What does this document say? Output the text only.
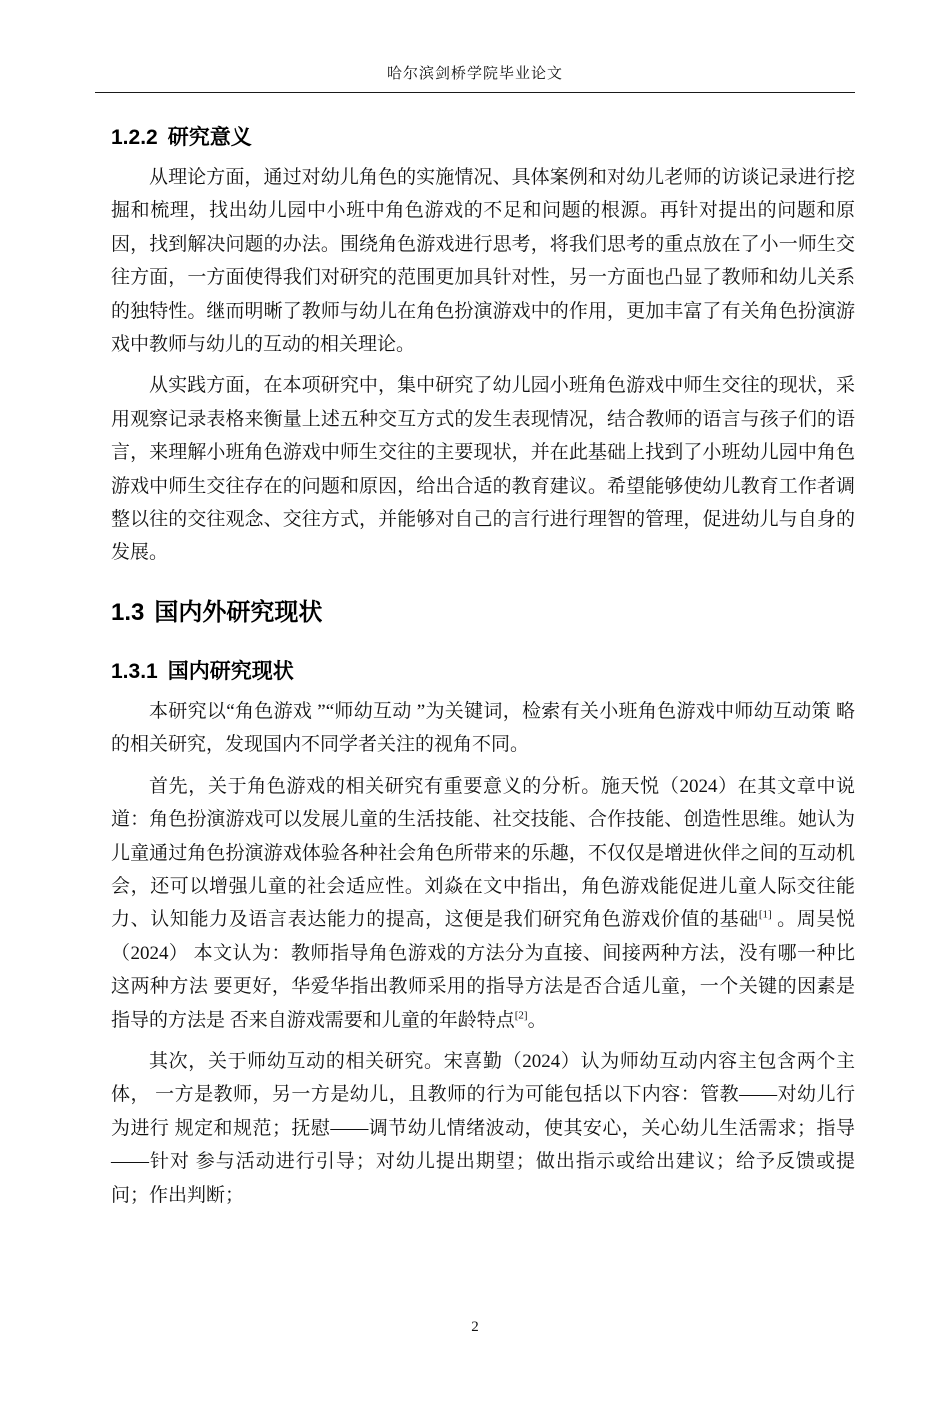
哈尔滨剑桥学院毕业论文
1.2.2 研究意义

从理论方面，通过对幼儿角色的实施情况、具体案例和对幼儿老师的访谈记录进行挖掘和梳理，找出幼儿园中小班中角色游戏的不足和问题的根源。再针对提出的问题和原因，找到解决问题的办法。围绕角色游戏进行思考，将我们思考的重点放在了小一师生交往方面，一方面使得我们对研究的范围更加具针对性，另一方面也凸显了教师和幼儿关系的独特性。继而明晰了教师与幼儿在角色扮演游戏中的作用，更加丰富了有关角色扮演游戏中教师与幼儿的互动的相关理论。

从实践方面，在本项研究中，集中研究了幼儿园小班角色游戏中师生交往的现状，采用观察记录表格来衡量上述五种交互方式的发生表现情况，结合教师的语言与孩子们的语言，来理解小班角色游戏中师生交往的主要现状，并在此基础上找到了小班幼儿园中角色游戏中师生交往存在的问题和原因，给出合适的教育建议。希望能够使幼儿教育工作者调整以往的交往观念、交往方式，并能够对自己的言行进行理智的管理，促进幼儿与自身的发展。

1.3 国内外研究现状
1.3.1 国内研究现状

本研究以“角色游戏 ”“师幼互动 ”为关键词，检索有关小班角色游戏中师幼互动策 略的相关研究，发现国内不同学者关注的视角不同。

首先，关于角色游戏的相关研究有重要意义的分析。施天悦（2024）在其文章中说道：角色扮演游戏可以发展儿童的生活技能、社交技能、合作技能、创造性思维。她认为儿童通过角色扮演游戏体验各种社会角色所带来的乐趣，不仅仅是增进伙伴之间的互动机会，还可以增强儿童的社会适应性。刘焱在文中指出，角色游戏能促进儿童人际交往能力、认知能力及语言表达能力的提高，这便是我们研究角色游戏价值的基础[1] 。周吴悦（2024） 本文认为：教师指导角色游戏的方法分为直接、间接两种方法，没有哪一种比这两种方法 要更好，华爱华指出教师采用的指导方法是否合适儿童，一个关键的因素是指导的方法是 否来自游戏需要和儿童的年龄特点[2]。

其次，关于师幼互动的相关研究。宋喜勤（2024）认为师幼互动内容主包含两个主体， 一方是教师，另一方是幼儿，且教师的行为可能包括以下内容：管教——对幼儿行为进行 规定和规范；抚慰——调节幼儿情绪波动，使其安心，关心幼儿生活需求；指导——针对 参与活动进行引导；对幼儿提出期望；做出指示或给出建议；给予反馈或提问；作出判断；

2
